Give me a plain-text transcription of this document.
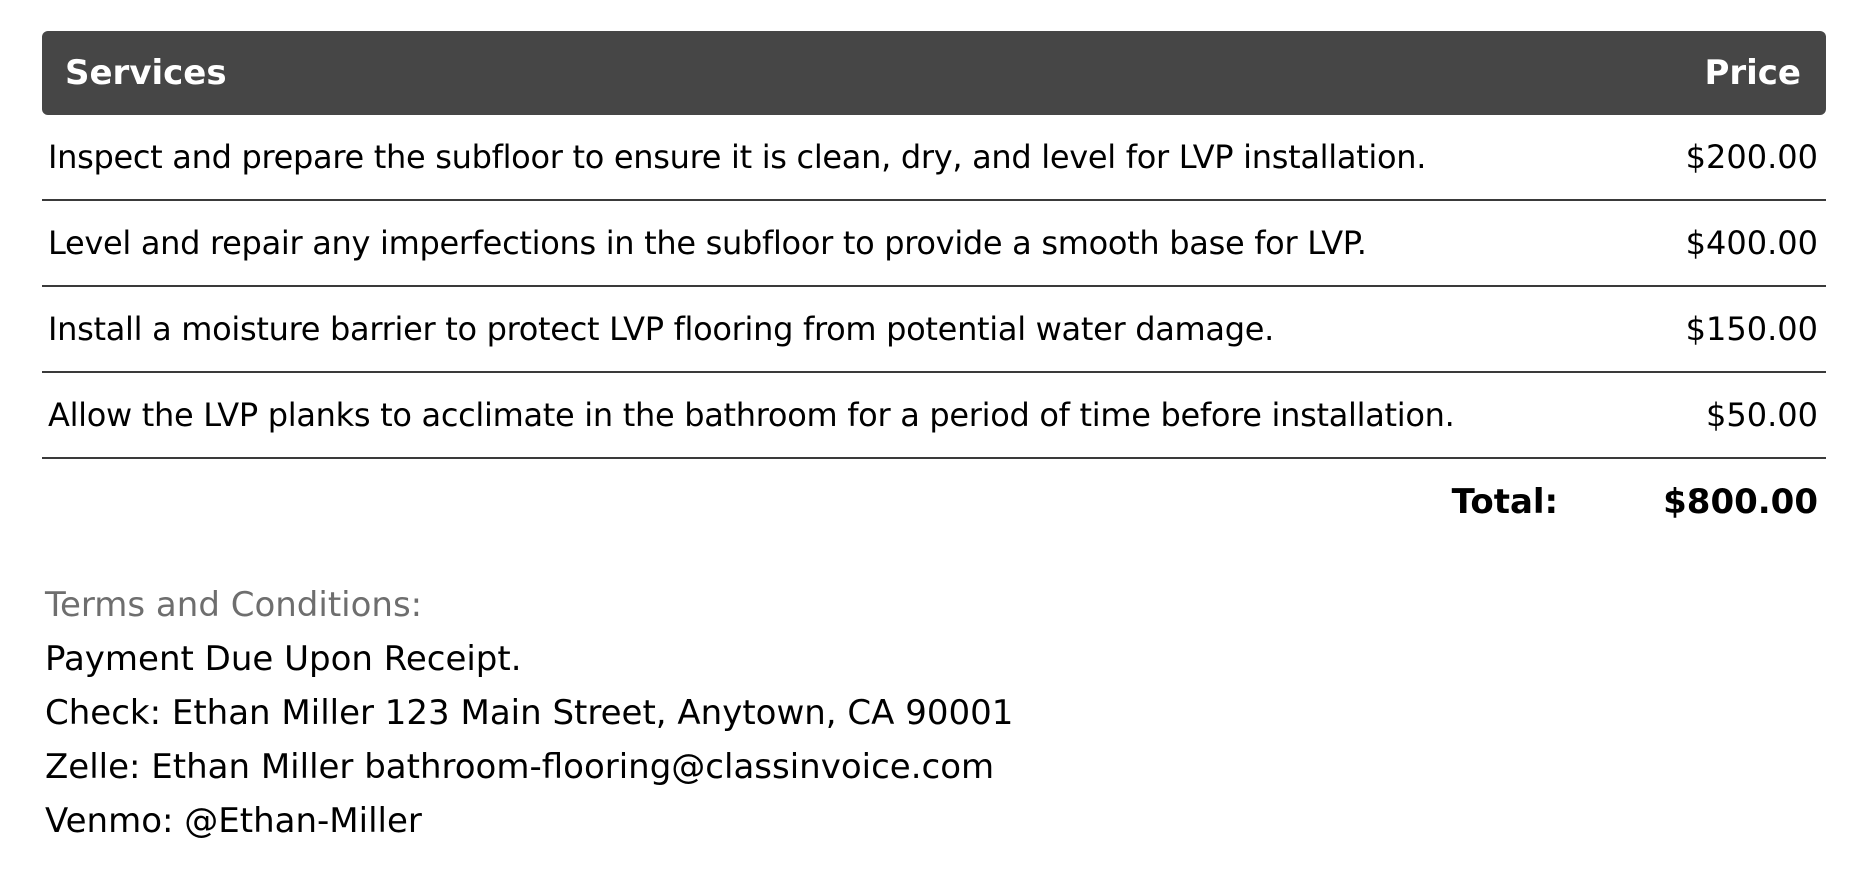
Services	Price
Inspect and prepare the subfloor to ensure it is clean, dry, and level for LVP installation.	$200.00
Level and repair any imperfections in the subfloor to provide a smooth base for LVP.	$400.00
Install a moisture barrier to protect LVP flooring from potential water damage.	$150.00
Allow the LVP planks to acclimate in the bathroom for a period of time before installation.	$50.00
Total:	$800.00
Terms and Conditions:
Payment Due Upon Receipt.
Check: Ethan Miller 123 Main Street, Anytown, CA 90001
Zelle: Ethan Miller bathroom-flooring@classinvoice.com
Venmo: @Ethan-Miller
